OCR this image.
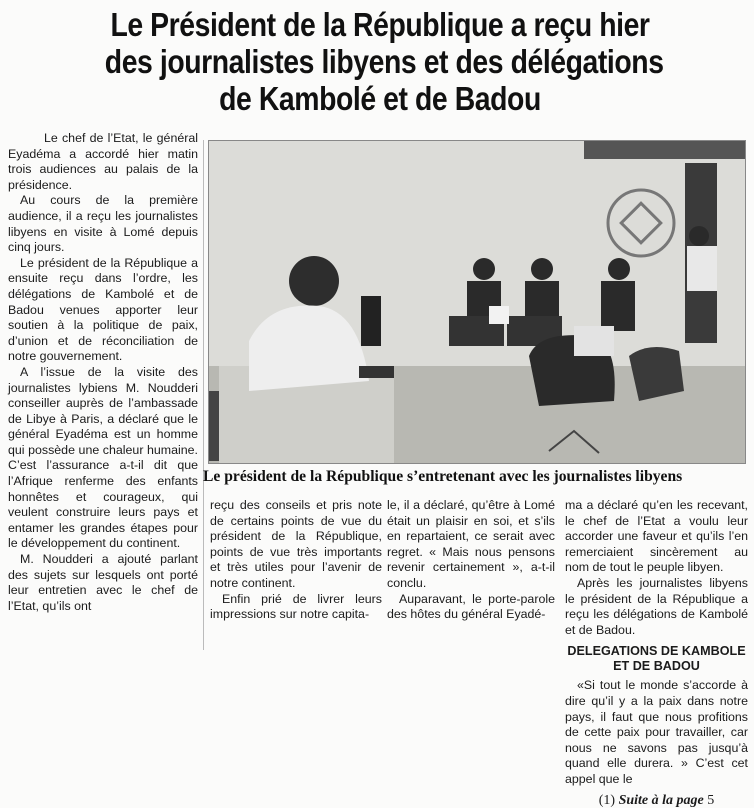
Le Président de la République a reçu hier
des journalistes libyens et des délégations
de Kambolé et de Badou

Le chef de l’Etat, le général Eyadéma a accordé hier matin trois audiences au palais de la présidence.

Au cours de la première audience, il a reçu les journalistes libyens en visite à Lomé depuis cinq jours.

Le président de la République a ensuite reçu dans l’ordre, les délégations de Kambolé et de Badou venues apporter leur soutien à la politique de paix, d’union et de réconciliation de notre gouvernement.

A l’issue de la visite des journalistes lybiens M. Noudderi conseiller auprès de l’ambassade de Libye à Paris, a déclaré que le général Eyadéma est un homme qui possède une chaleur humaine. C’est l’assurance a-t-il dit que l’Afrique renferme des enfants honnêtes et courageux, qui veulent construire leurs pays et entamer les grandes étapes pour le développement du continent.

M. Noudderi a ajouté parlant des sujets sur lesquels ont porté leur entretien avec le chef de l’Etat, qu’ils ont

Le président de la République s’entretenant avec les journalistes libyens

reçu des conseils et pris note de certains points de vue du président de la République, points de vue très importants et très utiles pour l’avenir de notre continent.

Enfin prié de livrer leurs impressions sur notre capita-

le, il a déclaré, qu’être à Lomé était un plaisir en soi, et s’ils en repartaient, ce serait avec regret. « Mais nous pensons revenir certainement », a-t-il conclu.

Auparavant, le porte-parole des hôtes du général Eyadé-

ma a déclaré qu’en les recevant, le chef de l’Etat a voulu leur accorder une faveur et qu’ils l’en remerciaient sincèrement au nom de tout le peuple libyen.

Après les journalistes libyens le président de la République a reçu les délégations de Kambolé et de Badou.

DELEGATIONS DE KAMBOLE ET DE BADOU

«Si tout le monde s’accorde à dire qu’il y a la paix dans notre pays, il faut que nous profitions de cette paix pour travailler, car nous ne savons pas jusqu’à quand elle durera. » C’est cet appel que le

(1) Suite à la page 5
